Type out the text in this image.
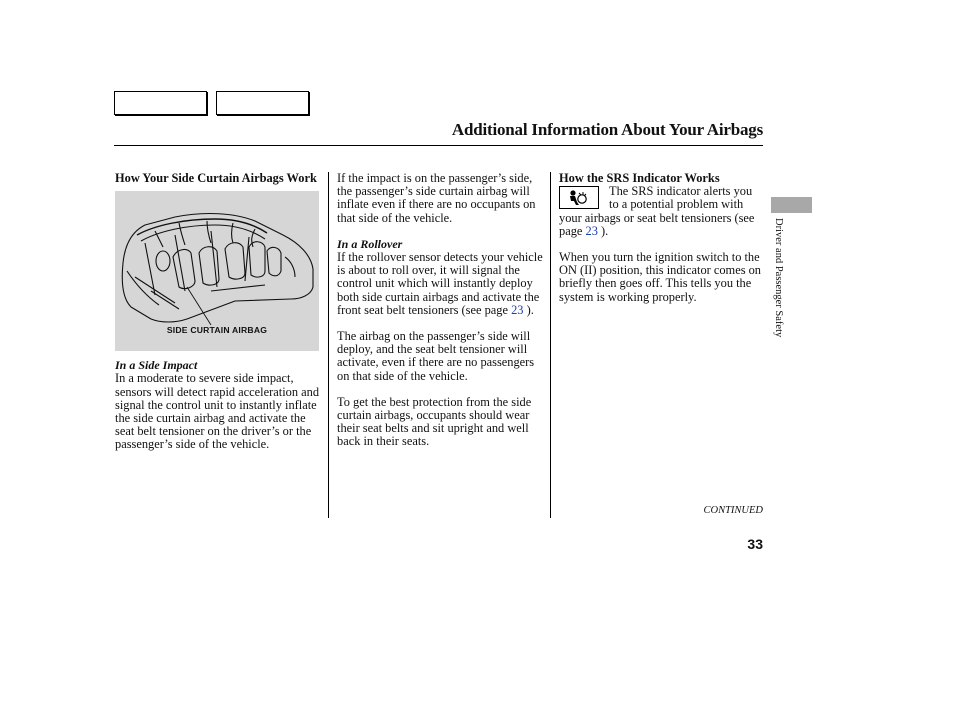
Additional Information About Your Airbags

How Your Side Curtain Airbags Work

SIDE CURTAIN AIRBAG

In a Side Impact

In a moderate to severe side impact, sensors will detect rapid acceleration and signal the control unit to instantly inflate the side curtain airbag and activate the seat belt tensioner on the driver’s or the passenger’s side of the vehicle.

If the impact is on the passenger’s side, the passenger’s side curtain airbag will inflate even if there are no occupants on that side of the vehicle.

In a Rollover

If the rollover sensor detects your vehicle is about to roll over, it will signal the control unit which will instantly deploy both side curtain airbags and activate the front seat belt tensioners (see page 23 ).

The airbag on the passenger’s side will deploy, and the seat belt tensioner will activate, even if there are no passengers on that side of the vehicle.

To get the best protection from the side curtain airbags, occupants should wear their seat belts and sit upright and well back in their seats.

How the SRS Indicator Works

The SRS indicator alerts you to a potential problem with your airbags or seat belt tensioners (see page 23 ).

When you turn the ignition switch to the ON (II) position, this indicator comes on briefly then goes off. This tells you the system is working properly.

CONTINUED
33
Driver and Passenger Safety
